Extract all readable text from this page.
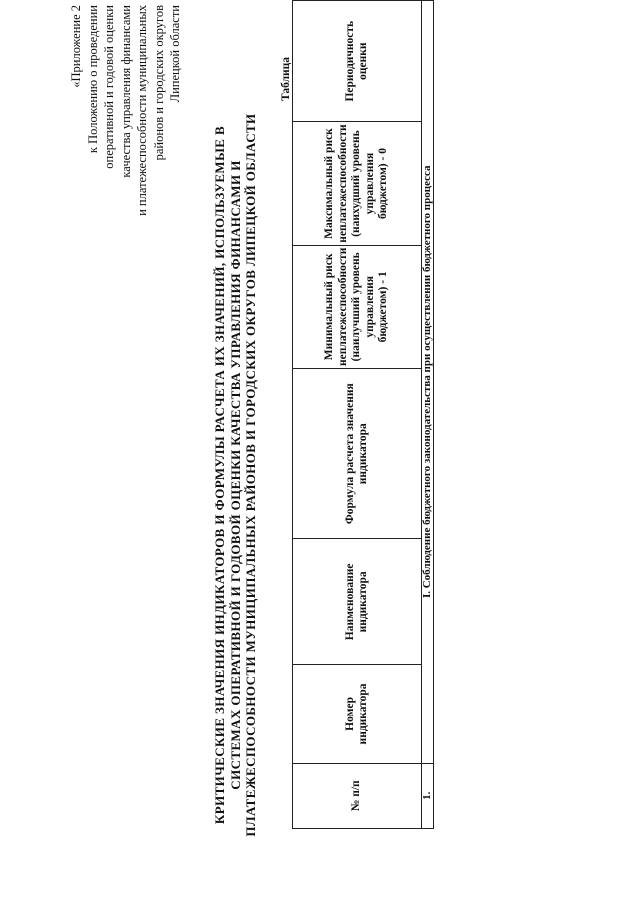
«Приложение 2 к Положению о проведении оперативной и годовой оценки качества управления финансами и платежеспособности муниципальных районов и городских округов Липецкой области
КРИТИЧЕСКИЕ ЗНАЧЕНИЯ ИНДИКАТОРОВ И ФОРМУЛЫ РАСЧЕТА ИХ ЗНАЧЕНИЙ, ИСПОЛЬЗУЕМЫЕ В СИСТЕМАХ ОПЕРАТИВНОЙ И ГОДОВОЙ ОЦЕНКИ КАЧЕСТВА УПРАВЛЕНИЯ ФИНАНСАМИ И ПЛАТЕЖЕСПОСОБНОСТИ МУНИЦИПАЛЬНЫХ РАЙОНОВ И ГОРОДСКИХ ОКРУГОВ ЛИПЕЦКОЙ ОБЛАСТИ
Таблица
№ п/п	Номер индикатора	Наименование индикатора	Формула расчета значения индикатора	Минимальный риск неплатежеспособности (наилучший уровень управления бюджетом) - 1	Максимальный риск неплатежеспособности (наихудший уровень управления бюджетом) - 0	Периодичность оценки
1.	I. Соблюдение бюджетного законодательства при осуществлении бюджетного процесса					
